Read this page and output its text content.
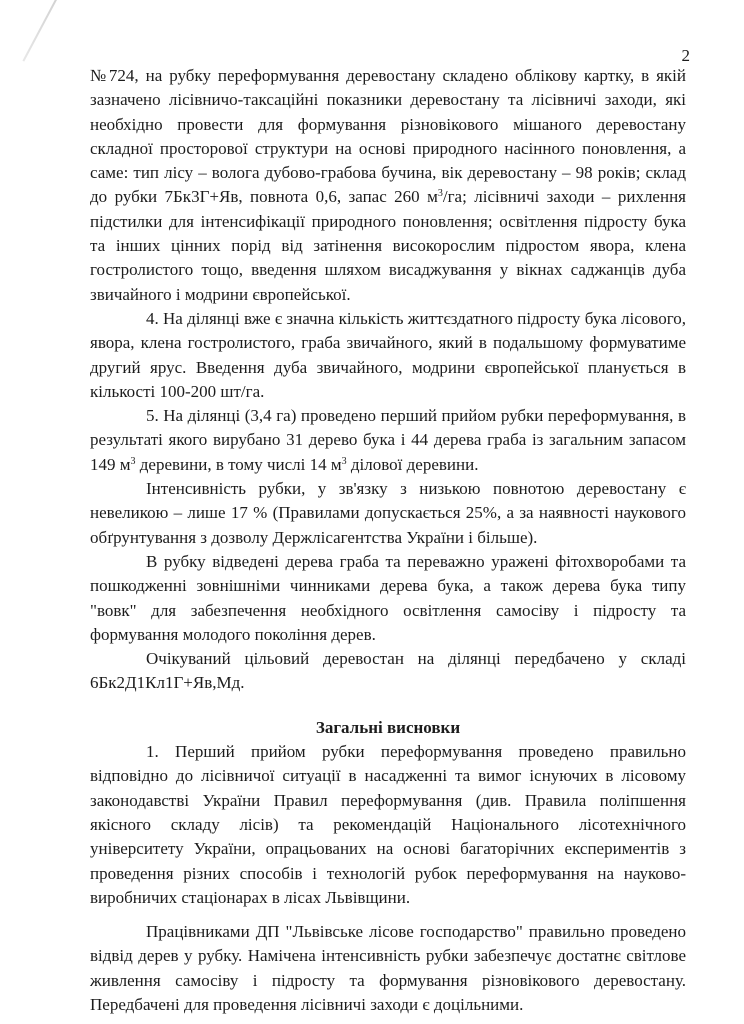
2

№724, на рубку переформування деревостану складено облікову картку, в якій зазначено лісівничо-таксаційні показники деревостану та лісівничі заходи, які необхідно провести для формування різновікового мішаного деревостану складної просторової структури на основі природного насінного поновлення, а саме: тип лісу – волога дубово-грабова бучина, вік деревостану – 98 років; склад до рубки 7Бк3Г+Яв, повнота 0,6, запас 260 $м^3/га$; лісівничі заходи – рихлення підстилки для інтенсифікації природного поновлення; освітлення підросту бука та інших цінних порід від затінення високорослим підростом явора, клена гостролистого тощо, введення шляхом висаджування у вікнах саджанців дуба звичайного і модрини європейської.

4. На ділянці вже є значна кількість життєздатного підросту бука лісового, явора, клена гостролистого, граба звичайного, який в подальшому формуватиме другий ярус. Введення дуба звичайного, модрини європейської планується в кількості 100-200 шт/га.

5. На ділянці (3,4 га) проведено перший прийом рубки переформування, в результаті якого вирубано 31 дерево бука і 44 дерева граба із загальним запасом 149 $м^3$ деревини, в тому числі 14 $м^3$ ділової деревини.

Інтенсивність рубки, у зв'язку з низькою повнотою деревостану є невеликою – лише 17 % (Правилами допускається 25%, а за наявності наукового обґрунтування з дозволу Держлісагентства України і більше).

В рубку відведені дерева граба та переважно уражені фітохворобами та пошкодженні зовнішніми чинниками дерева бука, а також дерева бука типу "вовк" для забезпечення необхідного освітлення самосіву і підросту та формування молодого покоління дерев.

Очікуваний цільовий деревостан на ділянці передбачено у складі 6Бк2Д1Кл1Г+Яв,Мд.

Загальні висновки

1. Перший прийом рубки переформування проведено правильно відповідно до лісівничої ситуації в насадженні та вимог існуючих в лісовому законодавстві України Правил переформування (див. Правила поліпшення якісного складу лісів) та рекомендацій Національного лісотехнічного університету України, опрацьованих на основі багаторічних експериментів з проведення різних способів і технологій рубок переформування на науково-виробничих стаціонарах в лісах Львівщини.

Працівниками ДП "Львівське лісове господарство" правильно проведено відвід дерев у рубку. Намічена інтенсивність рубки забезпечує достатнє світлове живлення самосіву і підросту та формування різновікового деревостану. Передбачені для проведення лісівничі заходи є доцільними.
